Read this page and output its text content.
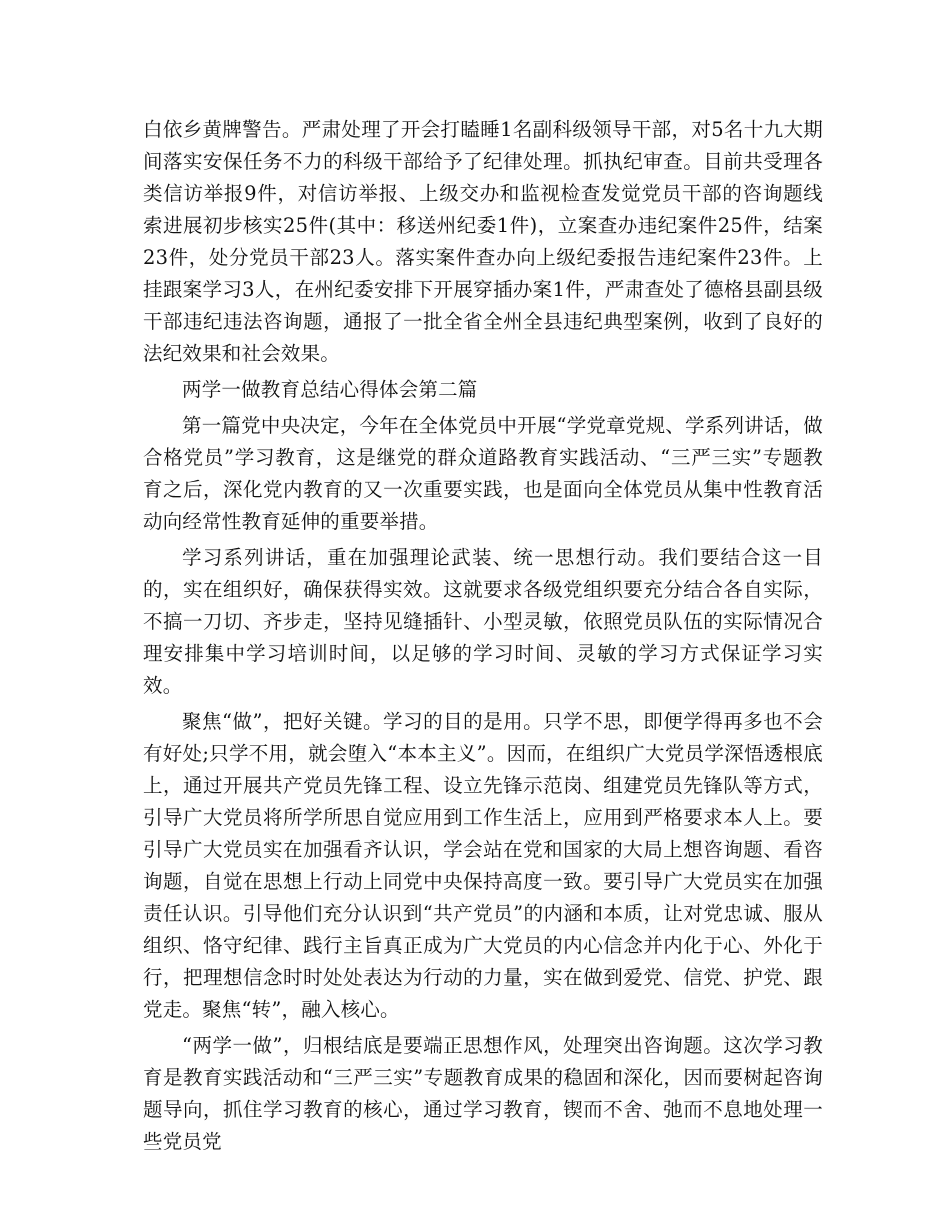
白依乡黄牌警告。严肃处理了开会打瞌睡1名副科级领导干部，对5名十九大期间落实安保任务不力的科级干部给予了纪律处理。抓执纪审查。目前共受理各类信访举报9件，对信访举报、上级交办和监视检查发觉党员干部的咨询题线索进展初步核实25件(其中：移送州纪委1件)，立案查办违纪案件25件，结案23件，处分党员干部23人。落实案件查办向上级纪委报告违纪案件23件。上挂跟案学习3人，在州纪委安排下开展穿插办案1件，严肃查处了德格县副县级干部违纪违法咨询题，通报了一批全省全州全县违纪典型案例，收到了良好的法纪效果和社会效果。

两学一做教育总结心得体会第二篇

第一篇党中央决定，今年在全体党员中开展“学党章党规、学系列讲话，做合格党员”学习教育，这是继党的群众道路教育实践活动、“三严三实”专题教育之后，深化党内教育的又一次重要实践，也是面向全体党员从集中性教育活动向经常性教育延伸的重要举措。

学习系列讲话，重在加强理论武装、统一思想行动。我们要结合这一目的，实在组织好，确保获得实效。这就要求各级党组织要充分结合各自实际，不搞一刀切、齐步走，坚持见缝插针、小型灵敏，依照党员队伍的实际情况合理安排集中学习培训时间，以足够的学习时间、灵敏的学习方式保证学习实效。

聚焦“做”，把好关键。学习的目的是用。只学不思，即便学得再多也不会有好处;只学不用，就会堕入“本本主义”。因而，在组织广大党员学深悟透根底上，通过开展共产党员先锋工程、设立先锋示范岗、组建党员先锋队等方式，引导广大党员将所学所思自觉应用到工作生活上，应用到严格要求本人上。要引导广大党员实在加强看齐认识，学会站在党和国家的大局上想咨询题、看咨询题，自觉在思想上行动上同党中央保持高度一致。要引导广大党员实在加强责任认识。引导他们充分认识到“共产党员”的内涵和本质，让对党忠诚、服从组织、恪守纪律、践行主旨真正成为广大党员的内心信念并内化于心、外化于行，把理想信念时时处处表达为行动的力量，实在做到爱党、信党、护党、跟党走。聚焦“转”，融入核心。

“两学一做”，归根结底是要端正思想作风，处理突出咨询题。这次学习教育是教育实践活动和“三严三实”专题教育成果的稳固和深化，因而要树起咨询题导向，抓住学习教育的核心，通过学习教育，锲而不舍、弛而不息地处理一些党员党
